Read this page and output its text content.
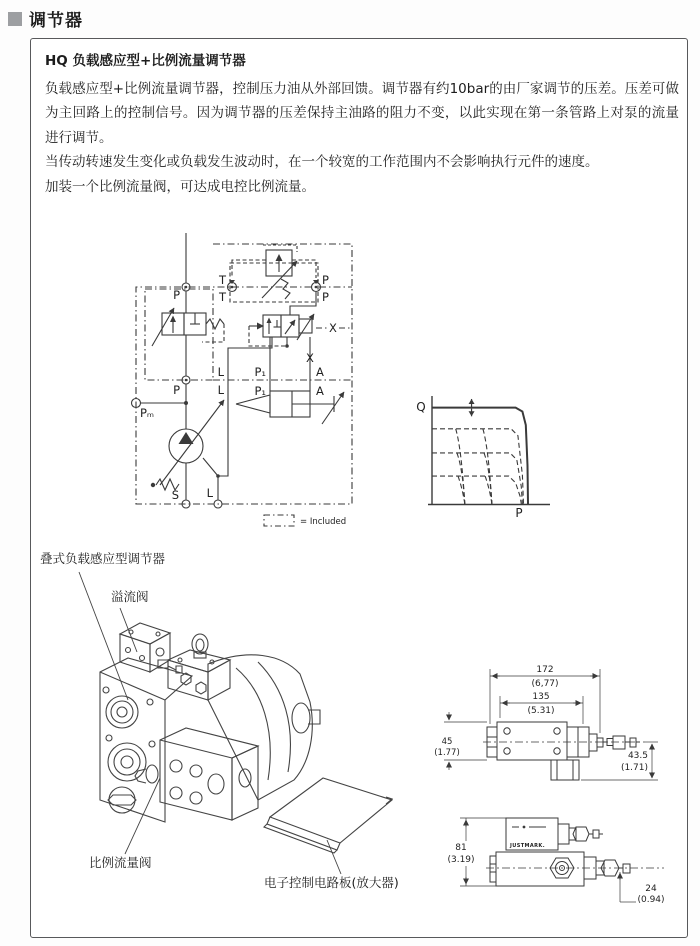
调节器
HQ 负载感应型+比例流量调节器

负载感应型+比例流量调节器，控制压力油从外部回馈。调节器有约10bar的由厂家调节的压差。压差可做为主回路上的控制信号。因为调节器的压差保持主油路的阻力不变，以此实现在第一条管路上对泵的流量进行调节。

当传动转速发生变化或负载发生波动时，在一个较宽的工作范围内不会影响执行元件的速度。

加装一个比例流量阀，可达成电控比例流量。

叠式负载感应型调节器
溢流阀
比例流量阀
电子控制电路板(放大器)
P
T
T
P
P
P
Pₘ
L
L
P₁
P₁
A
A
X
X
S L
= Included
Q
P
172
(6,77)
135
(5.31)
45
(1.77)	43.5
(1.71)
81
(3.19)
24
(0.94)
JUSTMARK.
